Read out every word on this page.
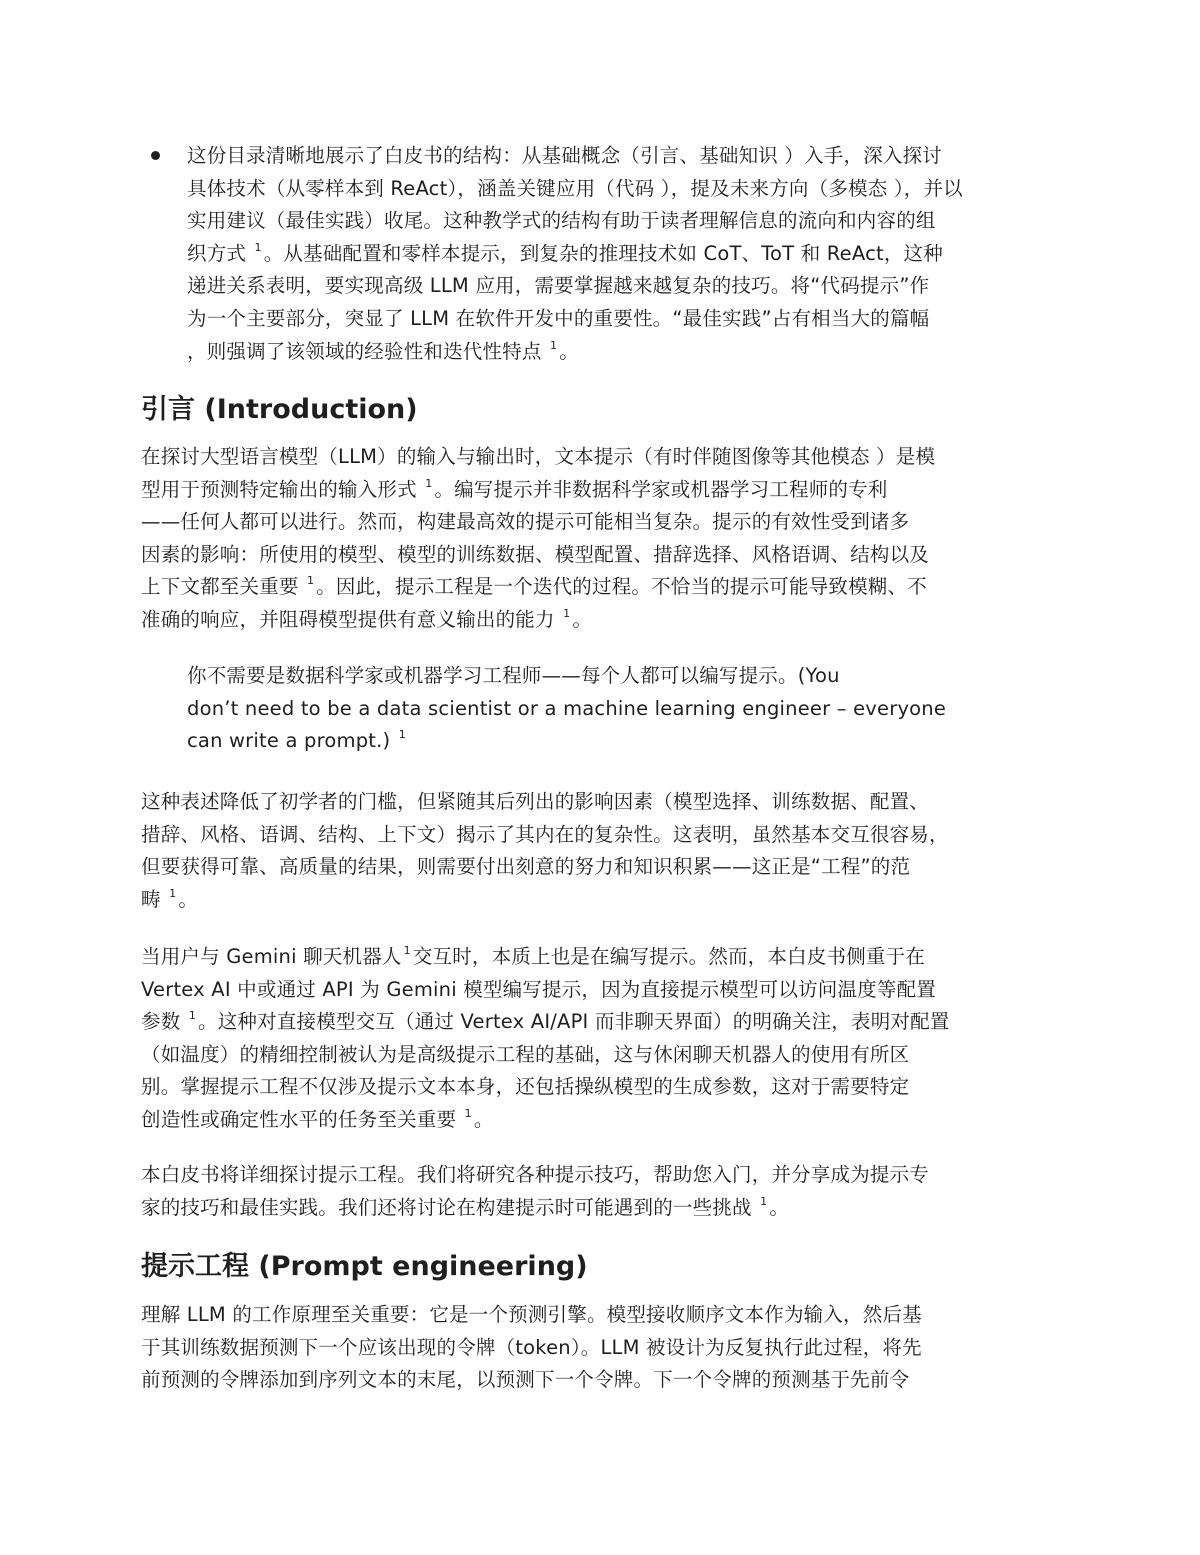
这份目录清晰地展示了白皮书的结构：从基础概念（引言、基础知识 ）入手，深入探讨
具体技术（从零样本到 ReAct），涵盖关键应用（代码 ），提及未来方向（多模态 ），并以
实用建议（最佳实践）收尾。这种教学式的结构有助于读者理解信息的流向和内容的组
织方式 $^1$ 。从基础配置和零样本提示，到复杂的推理技术如 CoT、ToT 和 ReAct，这种
递进关系表明，要实现高级 LLM 应用，需要掌握越来越复杂的技巧。将“代码提示”作
为一个主要部分，突显了 LLM 在软件开发中的重要性。“最佳实践”占有相当大的篇幅
，则强调了该领域的经验性和迭代性特点 $^1$ 。
引言 (Introduction)
在探讨大型语言模型（LLM）的输入与输出时，文本提示（有时伴随图像等其他模态 ）是模
型用于预测特定输出的输入形式 $^1$ 。编写提示并非数据科学家或机器学习工程师的专利
——任何人都可以进行。然而，构建最高效的提示可能相当复杂。提示的有效性受到诸多
因素的影响：所使用的模型、模型的训练数据、模型配置、措辞选择、风格语调、结构以及
上下文都至关重要 $^1$ 。因此，提示工程是一个迭代的过程。不恰当的提示可能导致模糊、不
准确的响应，并阻碍模型提供有意义输出的能力 $^1$ 。
你不需要是数据科学家或机器学习工程师——每个人都可以编写提示。(You
don’t need to be a data scientist or a machine learning engineer – everyone
can write a prompt.) $^1$
这种表述降低了初学者的门槛，但紧随其后列出的影响因素（模型选择、训练数据、配置、
措辞、风格、语调、结构、上下文）揭示了其内在的复杂性。这表明，虽然基本交互很容易，
但要获得可靠、高质量的结果，则需要付出刻意的努力和知识积累——这正是“工程”的范
畴 $^1$ 。
当用户与 Gemini 聊天机器人 $^1$ 交互时，本质上也是在编写提示。然而，本白皮书侧重于在
Vertex AI 中或通过 API 为 Gemini 模型编写提示，因为直接提示模型可以访问温度等配置
参数 $^1$ 。这种对直接模型交互（通过 Vertex AI/API 而非聊天界面）的明确关注，表明对配置
（如温度）的精细控制被认为是高级提示工程的基础，这与休闲聊天机器人的使用有所区
别。掌握提示工程不仅涉及提示文本本身，还包括操纵模型的生成参数，这对于需要特定
创造性或确定性水平的任务至关重要 $^1$ 。
本白皮书将详细探讨提示工程。我们将研究各种提示技巧，帮助您入门，并分享成为提示专
家的技巧和最佳实践。我们还将讨论在构建提示时可能遇到的一些挑战 $^1$ 。
提示工程 (Prompt engineering)
理解 LLM 的工作原理至关重要：它是一个预测引擎。模型接收顺序文本作为输入，然后基
于其训练数据预测下一个应该出现的令牌（token）。LLM 被设计为反复执行此过程，将先
前预测的令牌添加到序列文本的末尾，以预测下一个令牌。下一个令牌的预测基于先前令
